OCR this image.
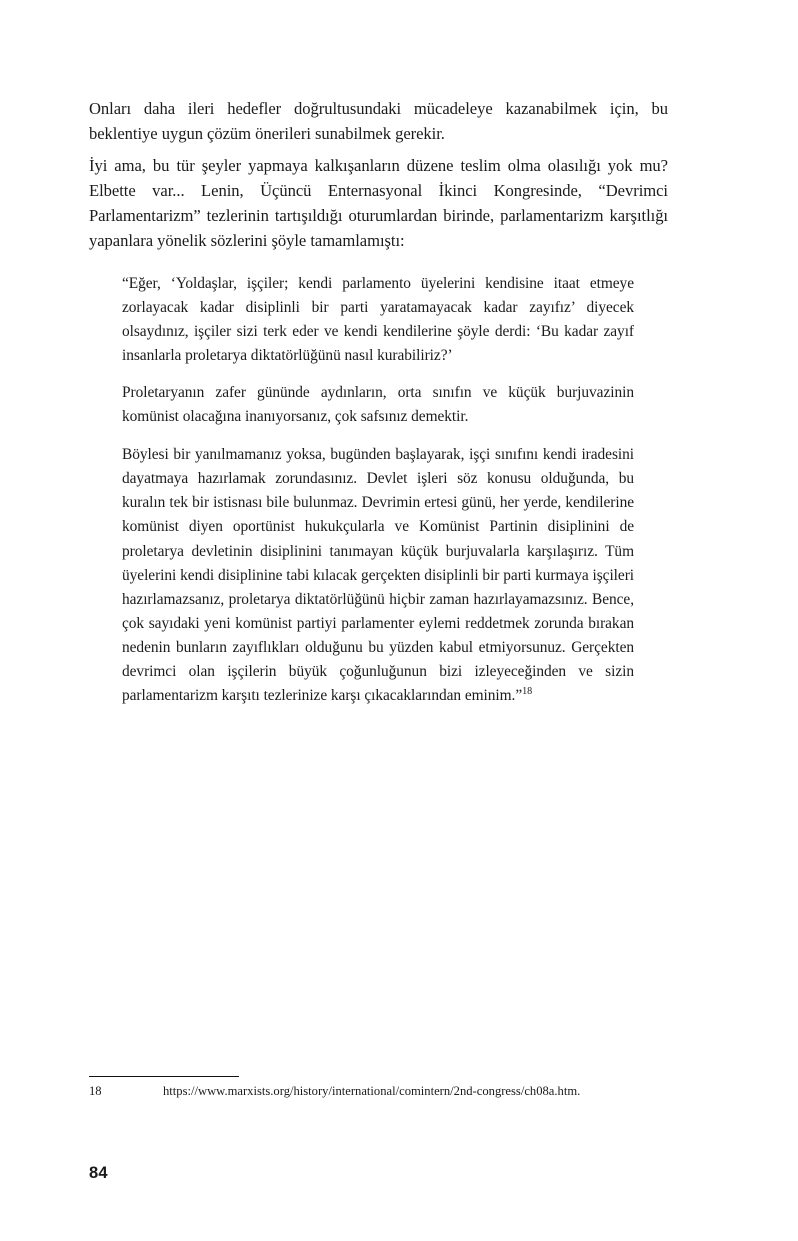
Onları daha ileri hedefler doğrultusundaki mücadeleye kazanabilmek için, bu beklentiye uygun çözüm önerileri sunabilmek gerekir.

İyi ama, bu tür şeyler yapmaya kalkışanların düzene teslim olma olasılığı yok mu? Elbette var... Lenin, Üçüncü Enternasyonal İkinci Kongresinde, “Devrimci Parlamentarizm” tezlerinin tartışıldığı oturumlardan birinde, parlamentarizm karşıtlığı yapanlara yönelik sözlerini şöyle tamamlamıştı:

“Eğer, ‘Yoldaşlar, işçiler; kendi parlamento üyelerini kendisine itaat etmeye zorlayacak kadar disiplinli bir parti yaratamayacak kadar zayıfız’ diyecek olsaydınız, işçiler sizi terk eder ve kendi kendilerine şöyle derdi: ‘Bu kadar zayıf insanlarla proletarya diktatörlüğünü nasıl kurabiliriz?’

Proletaryanın zafer gününde aydınların, orta sınıfın ve küçük burjuvazinin komünist olacağına inanıyorsanız, çok safsınız demektir.

Böylesi bir yanılmamanız yoksa, bugünden başlayarak, işçi sınıfını kendi iradesini dayatmaya hazırlamak zorundasınız. Devlet işleri söz konusu olduğunda, bu kuralın tek bir istisnası bile bulunmaz. Devrimin ertesi günü, her yerde, kendilerine komünist diyen oportünist hukukçularla ve Komünist Partinin disiplinini de proletarya devletinin disiplinini tanımayan küçük burjuvalarla karşılaşırız. Tüm üyelerini kendi disiplinine tabi kılacak gerçekten disiplinli bir parti kurmaya işçileri hazırlamazsanız, proletarya diktatörlüğünü hiçbir zaman hazırlayamazsınız. Bence, çok sayıdaki yeni komünist partiyi parlamenter eylemi reddetmek zorunda bırakan nedenin bunların zayıflıkları olduğunu bu yüzden kabul etmiyorsunuz. Gerçekten devrimci olan işçilerin büyük çoğunluğunun bizi izleyeceğinden ve sizin parlamentarizm karşıtı tezlerinize karşı çıkacaklarından eminim.”$^{18}$

18	https://www.marxists.org/history/international/comintern/2nd-congress/ch08a.htm.
84
